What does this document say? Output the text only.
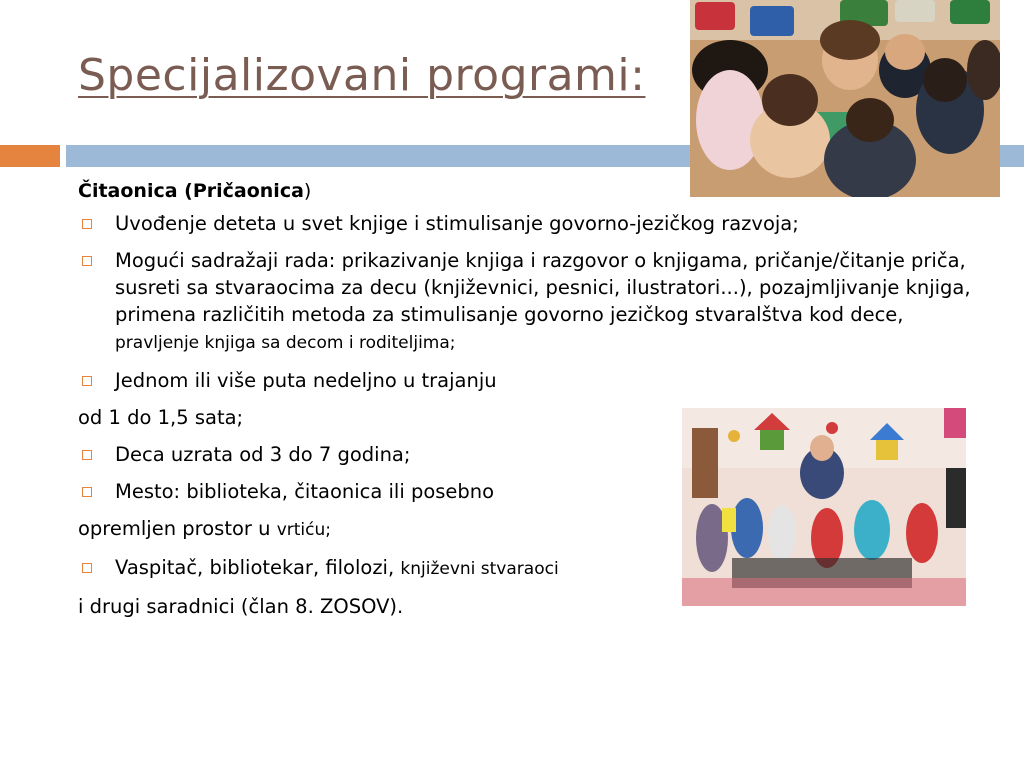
Specijalizovani programi:
Čitaonica (Pričaonica)
Uvođenje deteta u svet knjige i stimulisanje govorno-jezičkog razvoja;
Mogući sadražaji rada: prikazivanje knjiga i razgovor o knjigama, pričanje/čitanje priča, susreti sa stvaraocima za decu (književnici, pesnici, ilustratori...), pozajmljivanje knjiga, primena različitih metoda za stimulisanje govorno jezičkog stvaralštva kod dece, pravljenje knjiga sa decom i roditeljima;
Jednom ili više puta nedeljno u trajanju
od 1 do 1,5 sata;
Deca uzrata od 3 do 7 godina;
Mesto: biblioteka, čitaonica ili posebno
opremljen prostor u vrtiću;
Vaspitač, bibliotekar, filolozi, književni stvaraoci
i drugi saradnici (član 8. ZOSOV).
